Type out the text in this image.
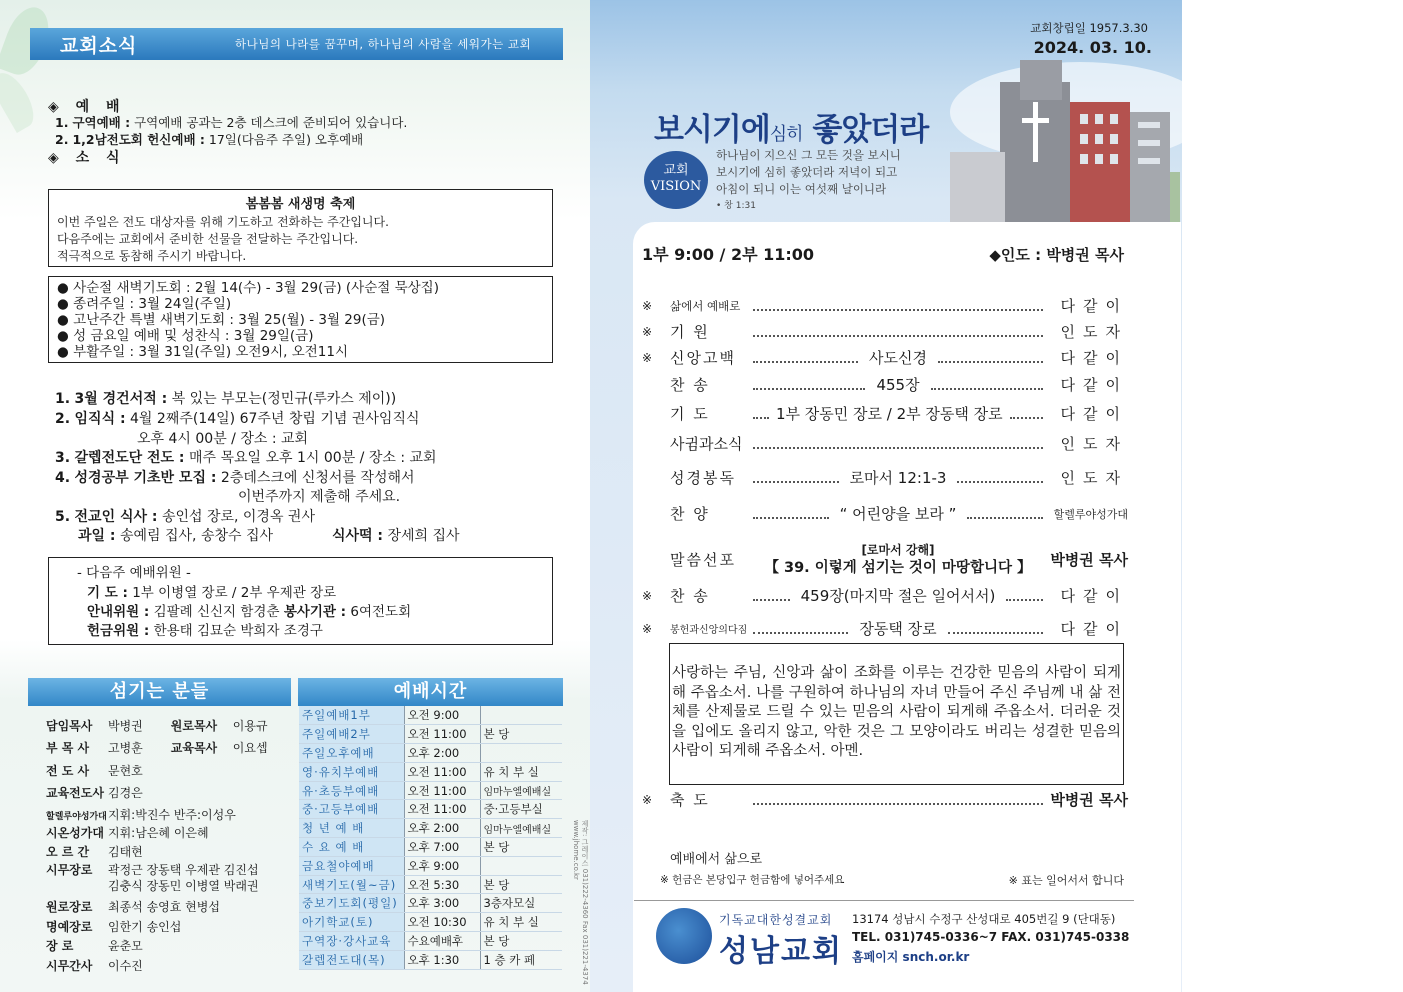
교회소식	하나님의 나라를 꿈꾸며, 하나님의 사람을 세워가는 교회
◈ 예 배
1. 구역예배 : 구역예배 공과는 2층 데스크에 준비되어 있습니다.
2. 1,2남전도회 헌신예배 : 17일(다음주 주일) 오후예배
◈ 소 식
봄봄봄 새생명 축제
이번 주일은 전도 대상자를 위해 기도하고 전화하는 주간입니다.
다음주에는 교회에서 준비한 선물을 전달하는 주간입니다.
적극적으로 동참해 주시기 바랍니다.
● 사순절 새벽기도회 : 2월 14(수) - 3월 29(금) (사순절 묵상집)
● 종려주일 : 3월 24일(주일)
● 고난주간 특별 새벽기도회 : 3월 25(월) - 3월 29(금)
● 성 금요일 예배 및 성찬식 : 3월 29일(금)
● 부활주일 : 3월 31일(주일) 오전9시, 오전11시
1. 3월 경건서적 : 복 있는 부모는(정민규(루카스 제이))
2. 임직식 : 4월 2째주(14일) 67주년 창립 기념 권사임직식
오후 4시 00분 / 장소 : 교회
3. 갈렙전도단 전도 : 매주 목요일 오후 1시 00분 / 장소 : 교회
4. 성경공부 기초반 모집 : 2층데스크에 신청서를 작성해서
이번주까지 제출해 주세요.
5. 전교인 식사 : 송인섭 장로, 이경옥 권사
과일 : 송예림 집사, 송창수 집사	식사떡 : 장세희 집사
- 다음주 예배위원 -
기 도 : 1부 이병열 장로 / 2부 우제관 장로
안내위원 : 김팔례 신신지 함경춘 봉사기관 : 6여전도회
헌금위원 : 한용태 김묘순 박희자 조경구
섬기는 분들	예배시간
담임목사 박병권 원로목사 이용규
부 목 사 고병훈 교육목사 이요셉
전 도 사 문현호
교육전도사 김경은
할렐루야성가대지휘:박진수 반주:이성우
시온성가대 지휘:남은혜 이은혜
오 르 간 김태현
시무장로 곽정근 장동택 우제관 김진섭
김충식 장동민 이병열 박래권
원로장로 최종석 송영효 현병섭
명예장로 임한기 송인섭
장 로	윤춘모
시무간사 이수진
주일예배1부	오전 9:00	
주일예배2부	오전 11:00	본 당
주일오후예배	오후 2:00	
영·유치부예배	오전 11:00	유 치 부 실
유·초등부예배	오전 11:00	임마누엘예배실
중·고등부예배	오전 11:00	중·고등부실
청 년 예 배	오후 2:00	임마누엘예배실
수 요 예 배	오후 7:00	본 당
금요철야예배	오후 9:00	
새벽기도(월~금)	오전 5:30	본 당
중보기도회(평일)	오후 3:00	3층자모실
아기학교(토)	오전 10:30	유 치 부 실
구역장·강사교육	수요예배후	본 당
갈렙전도대(목)	오후 1:30	1 층 카 페	제작: 그레이스 031)222-4360 Fax 031)221-4374 www.jhome.co.kr
교회창립일 1957.3.30
2024. 03. 10.
보시기에심히 좋았더라
교회
VISION
하나님이 지으신 그 모든 것을 보시니
보시기에 심히 좋았더라 저녁이 되고
아침이 되니 이는 여섯째 날이니라
• 창 1:31
1부 9:00 / 2부 11:00	◆인도 : 박병권 목사
※	삶에서 예배로	다같이
※	기 원	인도자
※	신앙고백	사도신경	다같이
찬 송	455장	다같이
기 도	1부 장동민 장로 / 2부 장동택 장로	다같이
사귐과소식	인도자
성경봉독	로마서 12:1-3	인도자
찬 양	“ 어린양을 보라 ”	할렐루야성가대
말씀선포
[로마서 강해]
【 39. 이렇게 섬기는 것이 마땅합니다 】	박병권 목사
※	찬 송	459장(마지막 절은 일어서서)	다같이
※	봉헌과신앙의다짐	장동택 장로	다같이
사랑하는 주님, 신앙과 삶이 조화를 이루는 건강한 믿음의 사람이 되게 해 주옵소서. 나를 구원하여 하나님의 자녀 만들어 주신 주님께 내 삶 전체를 산제물로 드릴 수 있는 믿음의 사람이 되게해 주옵소서. 더러운 것을 입에도 올리지 않고, 악한 것은 그 모양이라도 버리는 성결한 믿음의 사람이 되게해 주옵소서. 아멘.
※	축 도	박병권 목사
예배에서 삶으로
※ 헌금은 본당입구 헌금함에 넣어주세요	※ 표는 일어서서 합니다
기독교대한성결교회
성남교회
13174 성남시 수정구 산성대로 405번길 9 (단대동)
TEL. 031)745-0336~7 FAX. 031)745-0338
홈페이지 snch.or.kr
